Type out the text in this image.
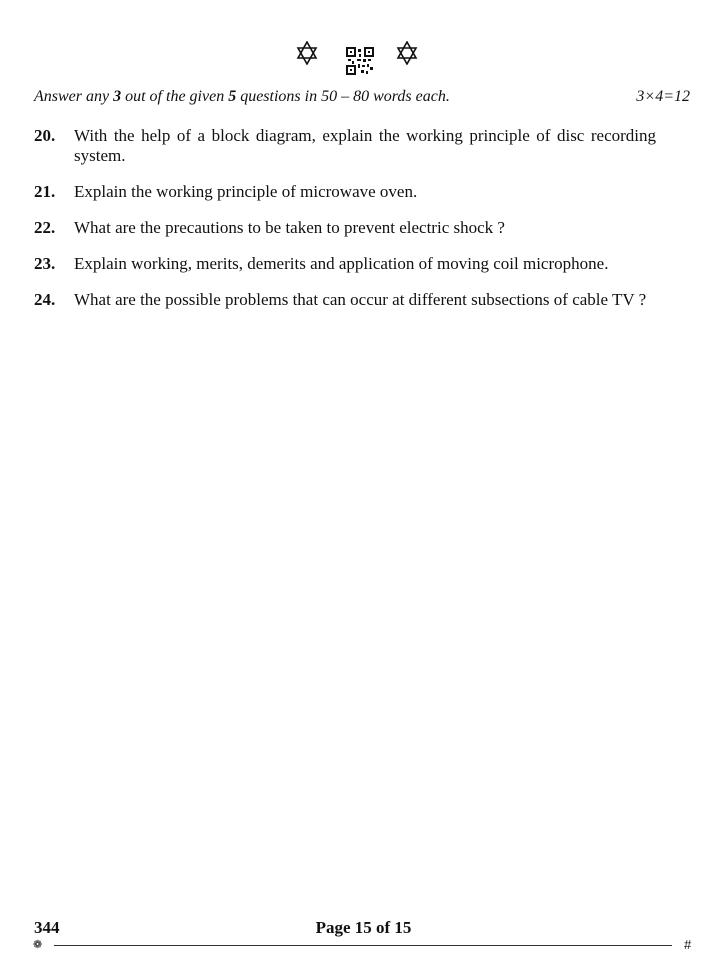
Answer any 3 out of the given 5 questions in 50 – 80 words each.	3×4=12
20.	With the help of a block diagram, explain the working principle of disc recording system.
21.	Explain the working principle of microwave oven.
22.	What are the precautions to be taken to prevent electric shock ?
23.	Explain working, merits, demerits and application of moving coil microphone.
24.	What are the possible problems that can occur at different subsections of cable TV ?
344	Page 15 of 15
❁	#
